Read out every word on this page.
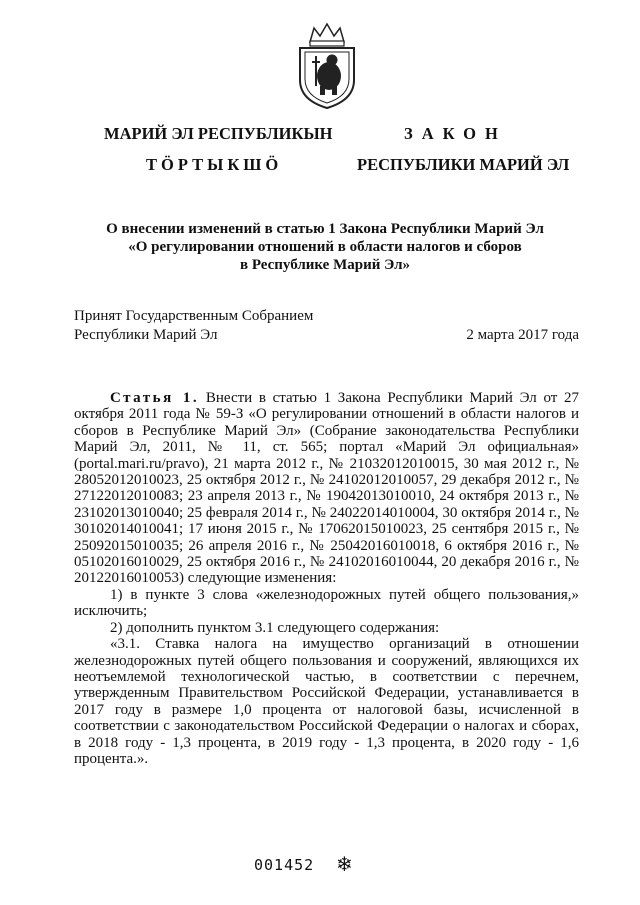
МАРИЙ ЭЛ РЕСПУБЛИКЫН
ТӦРТЫКШӦ
ЗАКОН
РЕСПУБЛИКИ МАРИЙ ЭЛ
О внесении изменений в статью 1 Закона Республики Марий Эл
«О регулировании отношений в области налогов и сборов
в Республике Марий Эл»
Принят Государственным Собранием
Республики Марий Эл	2 марта 2017 года

Статья 1. Внести в статью 1 Закона Республики Марий Эл от 27 октября 2011 года № 59-З «О регулировании отношений в области налогов и сборов в Республике Марий Эл» (Собрание законодательства Республики Марий Эл, 2011, № 11, ст. 565; портал «Марий Эл официальная» (portal.mari.ru/pravo), 21 марта 2012 г., № 21032012010015, 30 мая 2012 г., № 28052012010023, 25 октября 2012 г., № 24102012010057, 29 декабря 2012 г., № 27122012010083; 23 апреля 2013 г., № 19042013010010, 24 октября 2013 г., № 23102013010040; 25 февраля 2014 г., № 24022014010004, 30 октября 2014 г., № 30102014010041; 17 июня 2015 г., № 17062015010023, 25 сентября 2015 г., № 25092015010035; 26 апреля 2016 г., № 25042016010018, 6 октября 2016 г., № 05102016010029, 25 октября 2016 г., № 24102016010044, 20 декабря 2016 г., № 20122016010053) следующие изменения:

1) в пункте 3 слова «железнодорожных путей общего пользования,» исключить;

2) дополнить пунктом 3.1 следующего содержания:

«3.1. Ставка налога на имущество организаций в отношении железнодорожных путей общего пользования и сооружений, являющихся их неотъемлемой технологической частью, в соответствии с перечнем, утвержденным Правительством Российской Федерации, устанавливается в 2017 году в размере 1,0 процента от налоговой базы, исчисленной в соответствии с законодательством Российской Федерации о налогах и сборах, в 2018 году - 1,3 процента, в 2019 году - 1,3 процента, в 2020 году - 1,6 процента.».

001452 ❄
